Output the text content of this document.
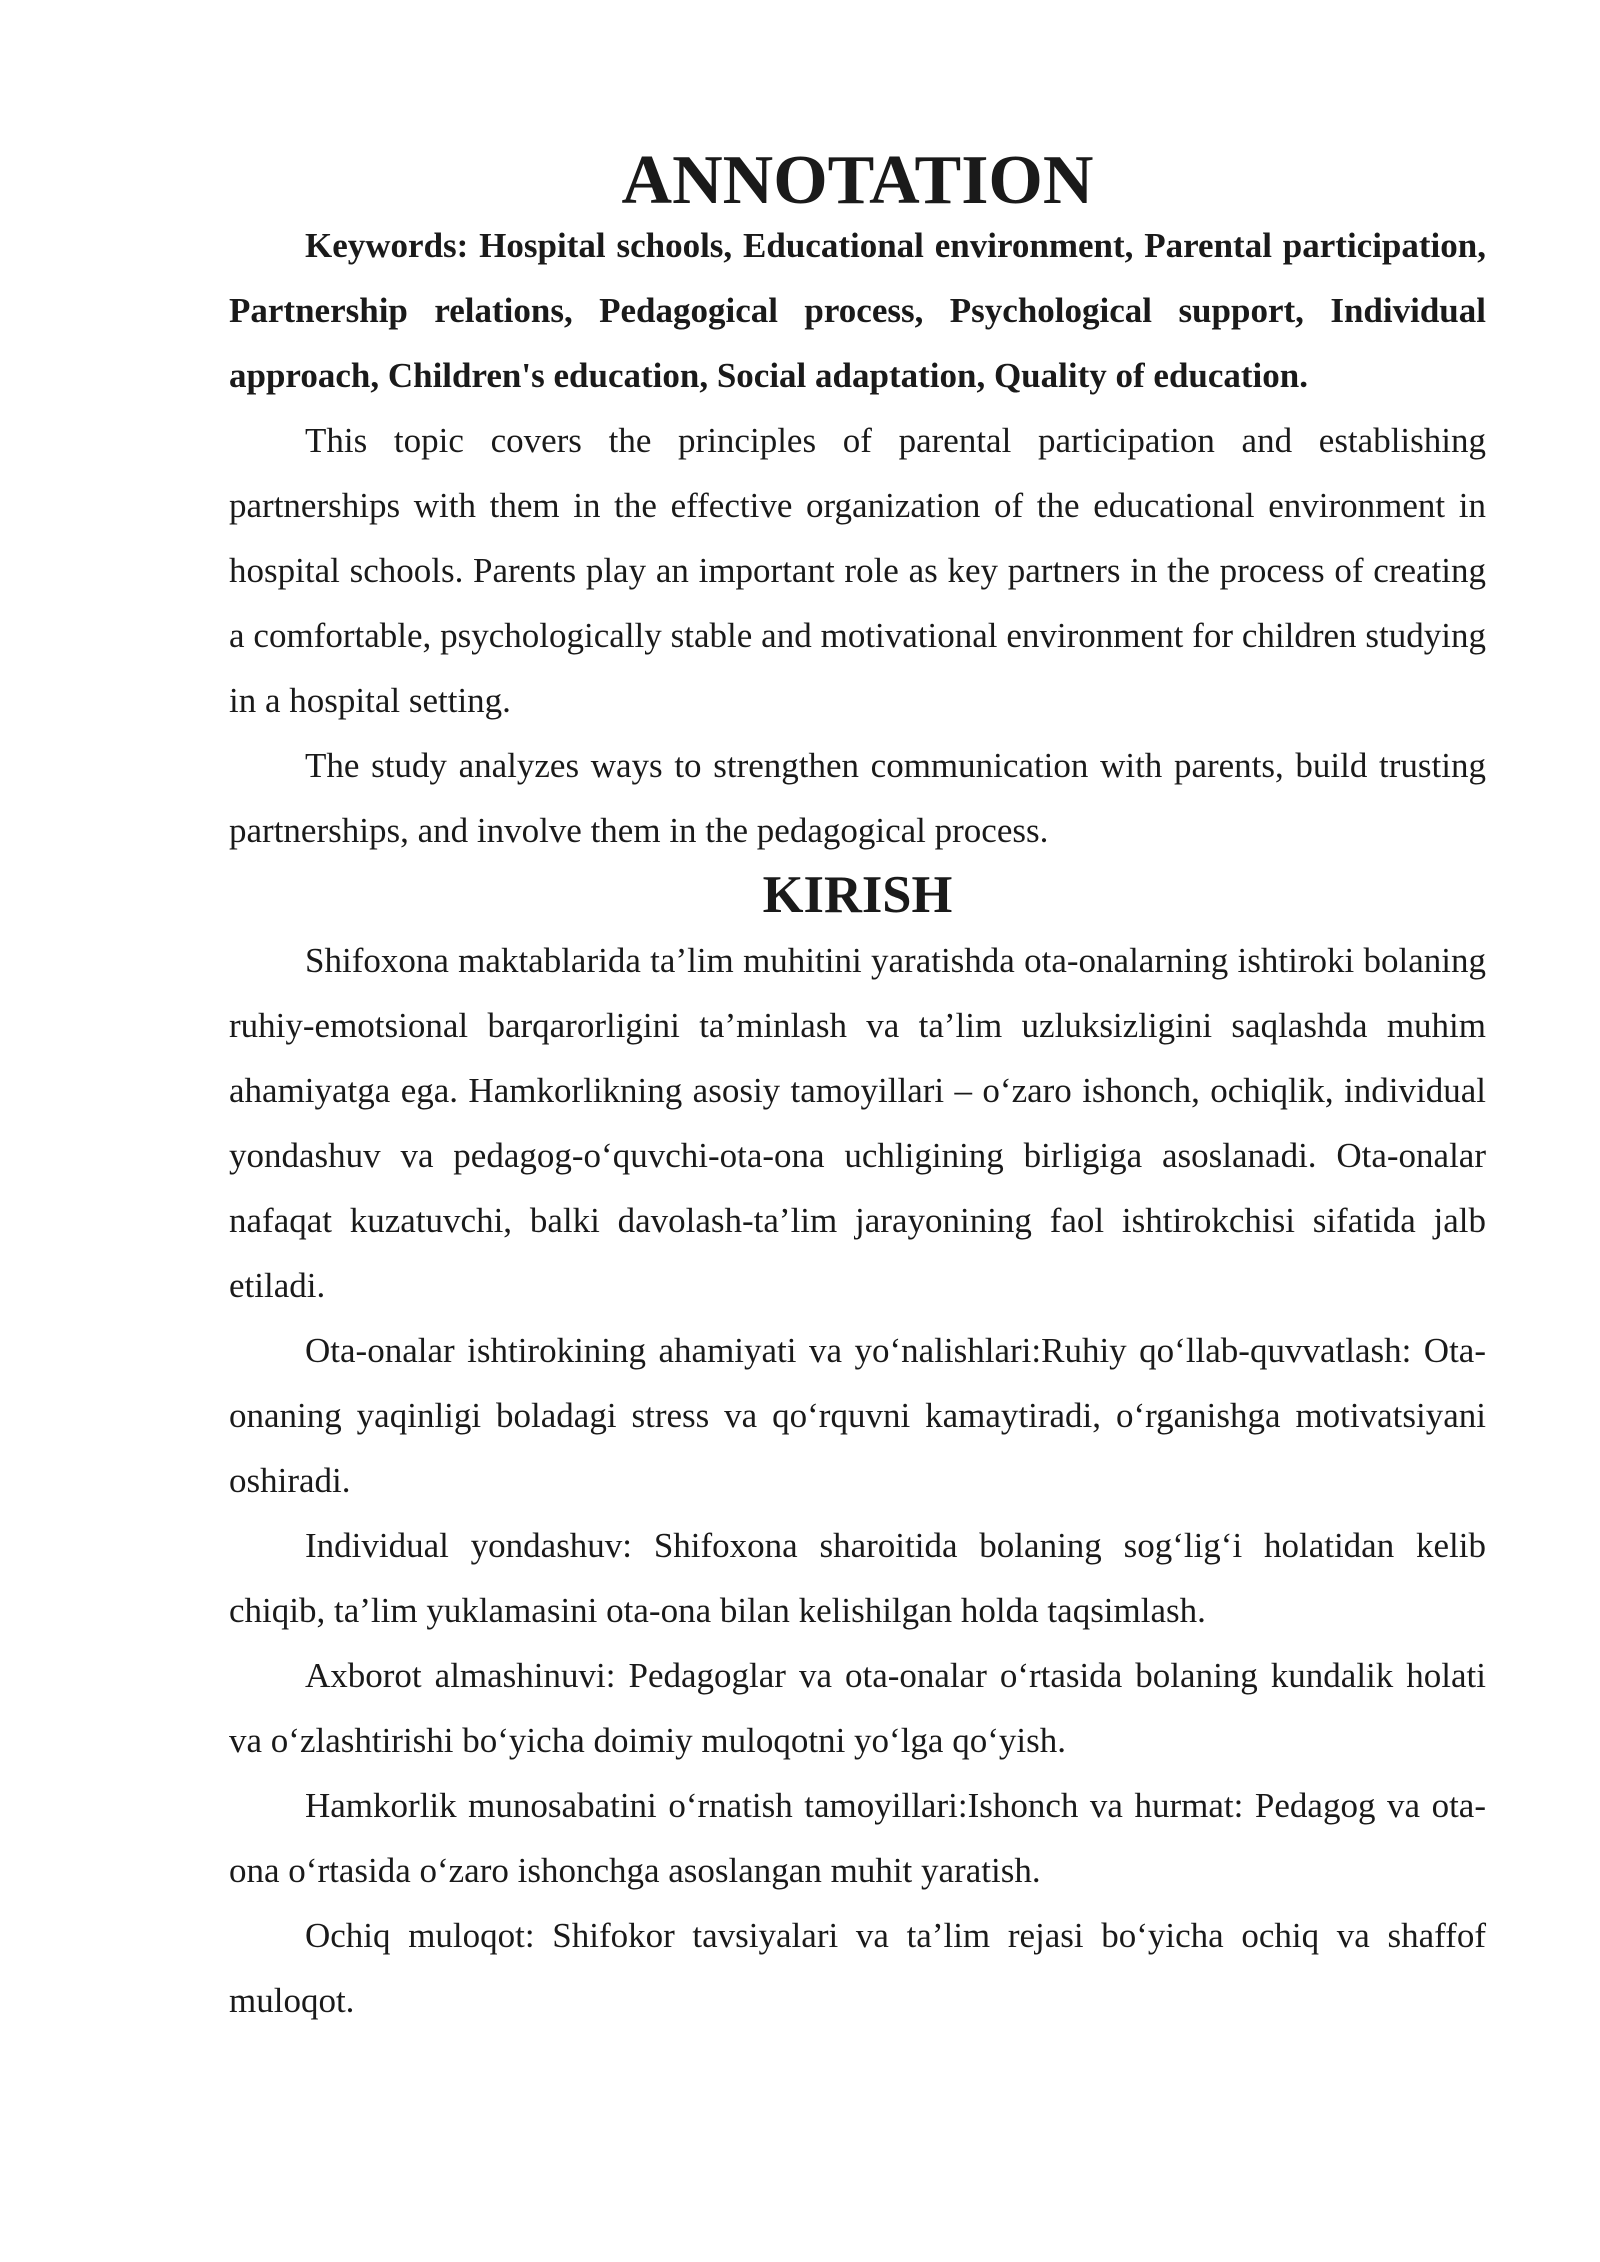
ANNOTATION

Keywords: Hospital schools, Educational environment, Parental participation, Partnership relations, Pedagogical process, Psychological support, Individual approach, Children's education, Social adaptation, Quality of education.

This topic covers the principles of parental participation and establishing partnerships with them in the effective organization of the educational environment in hospital schools. Parents play an important role as key partners in the process of creating a comfortable, psychologically stable and motivational environment for children studying in a hospital setting.

The study analyzes ways to strengthen communication with parents, build trusting partnerships, and involve them in the pedagogical process.

KIRISH

Shifoxona maktablarida ta’lim muhitini yaratishda ota-onalarning ishtiroki bolaning ruhiy-emotsional barqarorligini ta’minlash va ta’lim uzluksizligini saqlashda muhim ahamiyatga ega. Hamkorlikning asosiy tamoyillari – o‘zaro ishonch, ochiqlik, individual yondashuv va pedagog-o‘quvchi-ota-ona uchligining birligiga asoslanadi. Ota-onalar nafaqat kuzatuvchi, balki davolash-ta’lim jarayonining faol ishtirokchisi sifatida jalb etiladi.

Ota-onalar ishtirokining ahamiyati va yo‘nalishlari:Ruhiy qo‘llab-quvvatlash: Ota-onaning yaqinligi boladagi stress va qo‘rquvni kamaytiradi, o‘rganishga motivatsiyani oshiradi.

Individual yondashuv: Shifoxona sharoitida bolaning sog‘lig‘i holatidan kelib chiqib, ta’lim yuklamasini ota-ona bilan kelishilgan holda taqsimlash.

Axborot almashinuvi: Pedagoglar va ota-onalar o‘rtasida bolaning kundalik holati va o‘zlashtirishi bo‘yicha doimiy muloqotni yo‘lga qo‘yish.

Hamkorlik munosabatini o‘rnatish tamoyillari:Ishonch va hurmat: Pedagog va ota-ona o‘rtasida o‘zaro ishonchga asoslangan muhit yaratish.

Ochiq muloqot: Shifokor tavsiyalari va ta’lim rejasi bo‘yicha ochiq va shaffof muloqot.
